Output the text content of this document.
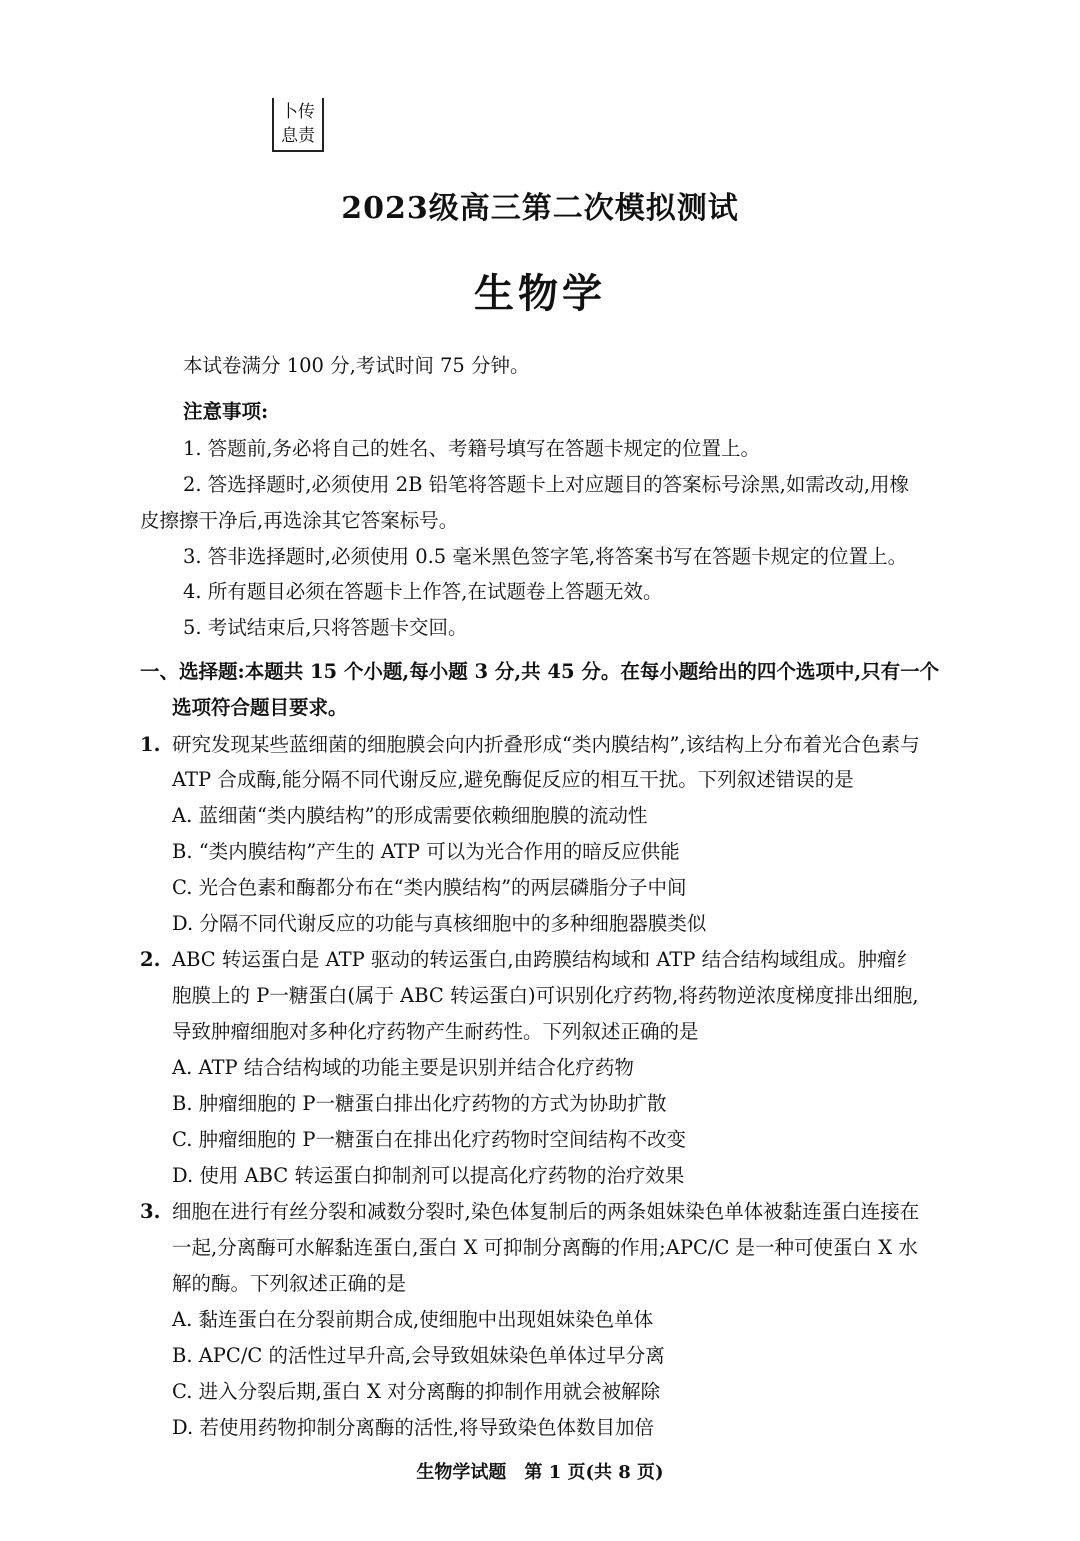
卜传
息责
2023级高三第二次模拟测试
生物学
本试卷满分 100 分,考试时间 75 分钟。
注意事项:
1. 答题前,务必将自己的姓名、考籍号填写在答题卡规定的位置上。
2. 答选择题时,必须使用 2B 铅笔将答题卡上对应题目的答案标号涂黑,如需改动,用橡
皮擦擦干净后,再选涂其它答案标号。
3. 答非选择题时,必须使用 0.5 毫米黑色签字笔,将答案书写在答题卡规定的位置上。
4. 所有题目必须在答题卡上作答,在试题卷上答题无效。
5. 考试结束后,只将答题卡交回。
一、选择题:本题共 15 个小题,每小题 3 分,共 45 分。在每小题给出的四个选项中,只有一个
选项符合题目要求。
1. 研究发现某些蓝细菌的细胞膜会向内折叠形成“类内膜结构”,该结构上分布着光合色素与
ATP 合成酶,能分隔不同代谢反应,避免酶促反应的相互干扰。下列叙述错误的是
A. 蓝细菌“类内膜结构”的形成需要依赖细胞膜的流动性
B. “类内膜结构”产生的 ATP 可以为光合作用的暗反应供能
C. 光合色素和酶都分布在“类内膜结构”的两层磷脂分子中间
D. 分隔不同代谢反应的功能与真核细胞中的多种细胞器膜类似
2. ABC 转运蛋白是 ATP 驱动的转运蛋白,由跨膜结构域和 ATP 结合结构域组成。肿瘤纟
胞膜上的 P一糖蛋白(属于 ABC 转运蛋白)可识别化疗药物,将药物逆浓度梯度排出细胞,
导致肿瘤细胞对多种化疗药物产生耐药性。下列叙述正确的是
A. ATP 结合结构域的功能主要是识别并结合化疗药物
B. 肿瘤细胞的 P一糖蛋白排出化疗药物的方式为协助扩散
C. 肿瘤细胞的 P一糖蛋白在排出化疗药物时空间结构不改变
D. 使用 ABC 转运蛋白抑制剂可以提高化疗药物的治疗效果
3. 细胞在进行有丝分裂和减数分裂时,染色体复制后的两条姐妹染色单体被黏连蛋白连接在
一起,分离酶可水解黏连蛋白,蛋白 X 可抑制分离酶的作用;APC/C 是一种可使蛋白 X 水
解的酶。下列叙述正确的是
A. 黏连蛋白在分裂前期合成,使细胞中出现姐妹染色单体
B. APC/C 的活性过早升高,会导致姐妹染色单体过早分离
C. 进入分裂后期,蛋白 X 对分离酶的抑制作用就会被解除
D. 若使用药物抑制分离酶的活性,将导致染色体数目加倍
生物学试题　第 1 页(共 8 页)
